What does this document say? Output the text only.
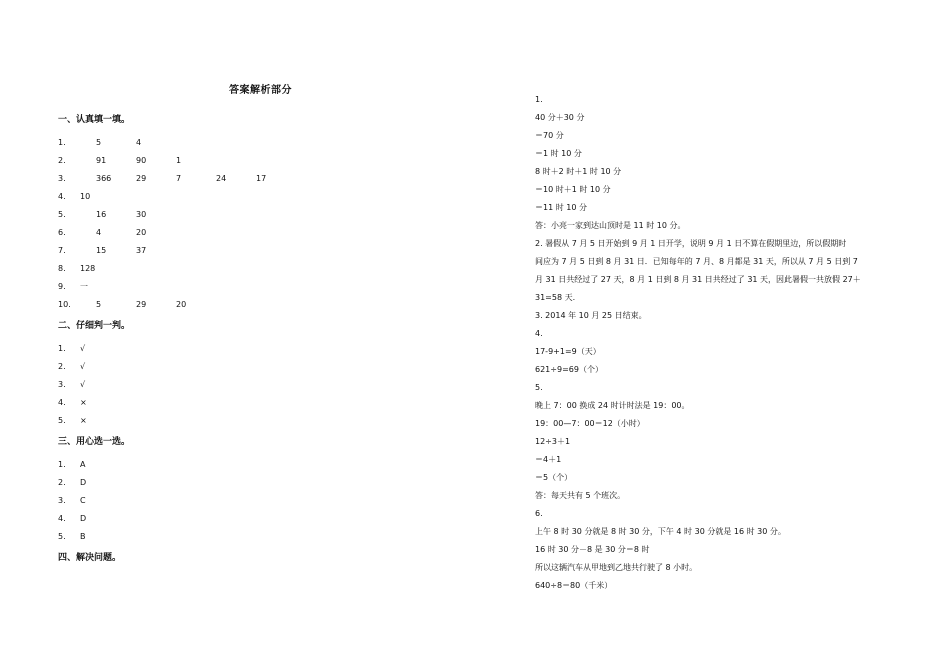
答案解析部分
一、认真填一填。
1.	5	4
2.	91	90	1
3.	366	29	7	24	17
4. 10
5.	16	30
6.	4	20
7.	15	37
8. 128
9. 一
10.	5	29	20
二、仔细判一判。
1. √
2. √
3. √
4. ×
5. ×
三、用心选一选。
1. A
2. D
3. C
4. D
5. B
四、解决问题。
1.
40 分＋30 分
＝70 分
＝1 时 10 分
8 时＋2 时＋1 时 10 分
＝10 时＋1 时 10 分
＝11 时 10 分
答：小亮一家到达山顶时是 11 时 10 分。
2. 暑假从 7 月 5 日开始到 9 月 1 日开学，说明 9 月 1 日不算在假期里边，所以假期时
间应为 7 月 5 日到 8 月 31 日．已知每年的 7 月、8 月都是 31 天，所以从 7 月 5 日到 7
月 31 日共经过了 27 天，8 月 1 日到 8 月 31 日共经过了 31 天，因此暑假一共放假 27＋
31=58 天.
3. 2014 年 10 月 25 日结束。
4.
17-9+1=9（天）
621÷9=69（个）
5.
晚上 7：00 换成 24 时计时法是 19：00。
19：00—7：00＝12（小时）
12÷3＋1
＝4＋1
＝5（个）
答：每天共有 5 个班次。
6.
上午 8 时 30 分就是 8 时 30 分，下午 4 时 30 分就是 16 时 30 分。
16 时 30 分－8 是 30 分＝8 时
所以这辆汽车从甲地到乙地共行驶了 8 小时。
640÷8＝80（千米）
